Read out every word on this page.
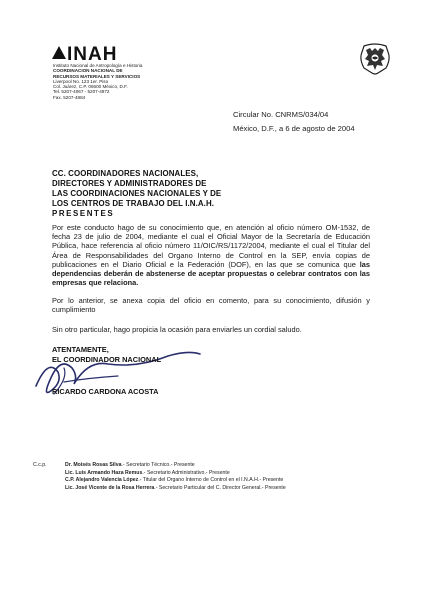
INAH
Instituto Nacional de Antropología e Historia
COORDINACION NACIONAL DE
RECURSOS MATERIALES Y SERVICIOS
Liverpool No. 123 1er. Piso
Col. Juárez, C.P. 06600 México, D.F.
Tel. 5207-4067 - 5207-4972
Fax. 5207-4884
Circular No. CNRMS/034/04
México, D.F., a 6 de agosto de 2004
CC. COORDINADORES NACIONALES,
DIRECTORES Y ADMINISTRADORES DE
LAS COORDINACIONES NACIONALES Y DE
LOS CENTROS DE TRABAJO DEL I.N.A.H.
PRESENTES
Por este conducto hago de su conocimiento que, en atención al oficio número OM-1532, de fecha 23 de julio de 2004, mediante el cual el Oficial Mayor de la Secretaría de Educación Pública, hace referencia al oficio número 11/OIC/RS/1172/2004, mediante el cual el Titular del Área de Responsabilidades del Organo Interno de Control en la SEP, envía copias de publicaciones en el Diario Oficial e la Federación (DOF), en las que se comunica que las dependencias deberán de abstenerse de aceptar propuestas o celebrar contratos con las empresas que relaciona.
Por lo anterior, se anexa copia del oficio en comento, para su conocimiento, difusión y cumplimiento
Sin otro particular, hago propicia la ocasión para enviarles un cordial saludo.
ATENTAMENTE,
EL COORDINADOR NACIONAL
RICARDO CARDONA ACOSTA
C.c.p.	Dr. Moisés Rosas Silva.- Secretario Técnico.- Presente
Lic. Luis Armando Haza Remus.- Secretario Administrativo.- Presente
C.P. Alejandro Valencia López.- Titular del Organo Interno de Control en el I.N.A.H.- Presente
Lic. José Vicente de la Rosa Herrera.- Secretario Particular del C. Director General.- Presente
